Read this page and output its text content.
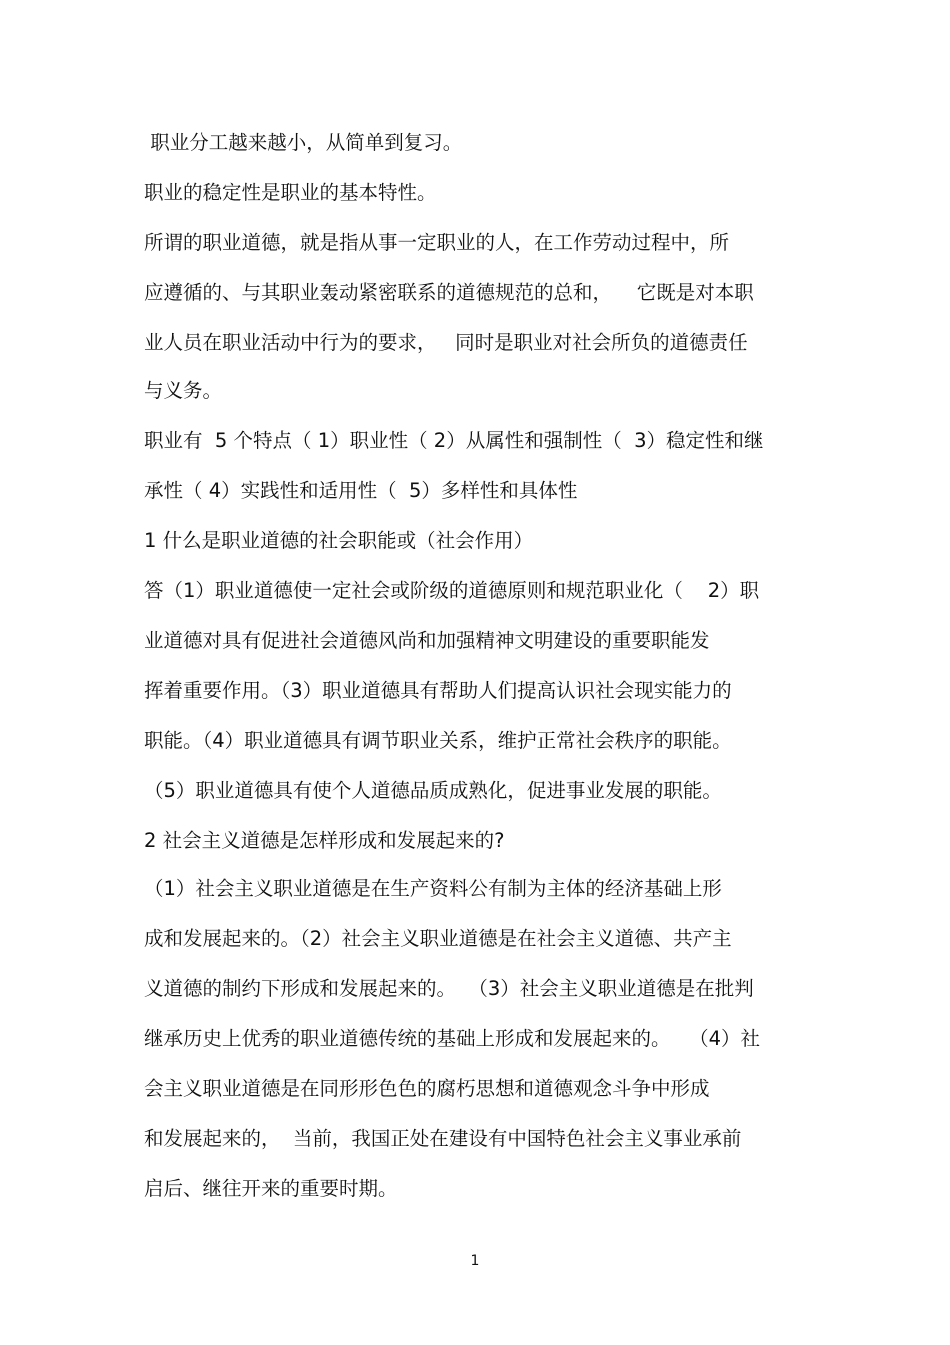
职业分工越来越小，从简单到复习。
职业的稳定性是职业的基本特性。
所谓的职业道德，就是指从事一定职业的人，在工作劳动过程中，所
应遵循的、与其职业轰动紧密联系的道德规范的总和，    它既是对本职
业人员在职业活动中行为的要求，   同时是职业对社会所负的道德责任
与义务。
职业有  5 个特点（ 1）职业性（ 2）从属性和强制性（  3）稳定性和继
承性（ 4）实践性和适用性（  5）多样性和具体性
1 什么是职业道德的社会职能或（社会作用）
答（1）职业道德使一定社会或阶级的道德原则和规范职业化（    2）职
业道德对具有促进社会道德风尚和加强精神文明建设的重要职能发
挥着重要作用。（3）职业道德具有帮助人们提高认识社会现实能力的
职能。（4）职业道德具有调节职业关系，维护正常社会秩序的职能。
（5）职业道德具有使个人道德品质成熟化，促进事业发展的职能。
2 社会主义道德是怎样形成和发展起来的?
（1）社会主义职业道德是在生产资料公有制为主体的经济基础上形
成和发展起来的。（2）社会主义职业道德是在社会主义道德、共产主
义道德的制约下形成和发展起来的。  （3）社会主义职业道德是在批判
继承历史上优秀的职业道德传统的基础上形成和发展起来的。   （4）社
会主义职业道德是在同形形色色的腐朽思想和道德观念斗争中形成
和发展起来的，  当前，我国正处在建设有中国特色社会主义事业承前
启后、继往开来的重要时期。
1
